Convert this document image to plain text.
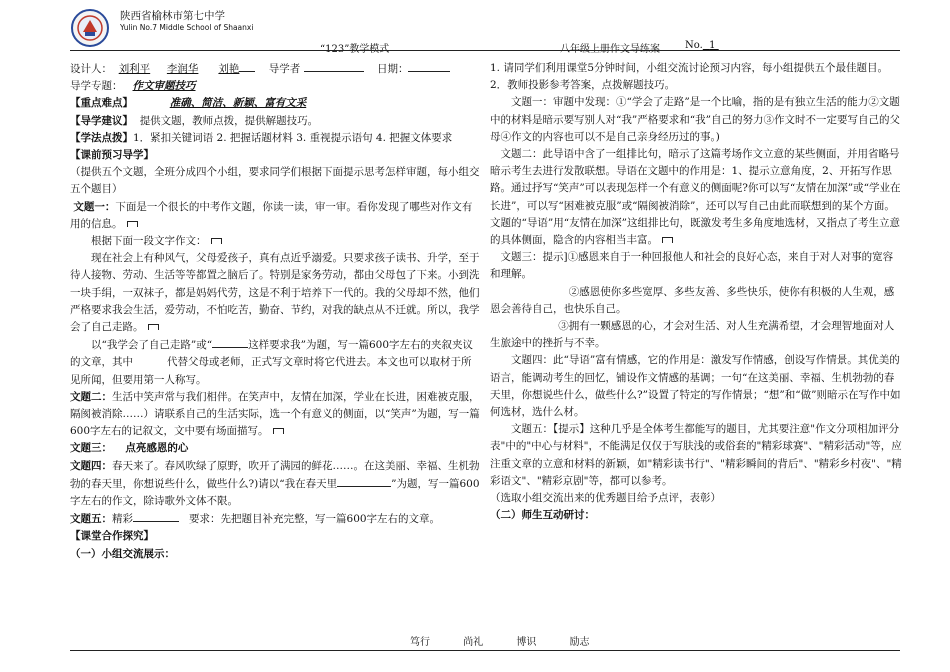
陕西省榆林市第七中学
Yulin No.7 Middle School of Shaanxi
“123”教学模式	八年级上册作文导练案	No. 1

设计人： 刘利平 李润华 刘艳	导学者	日期：

导学专题： 作文审题技巧

【重点难点】	准确、简洁、新颖、富有文采

【导学建议】 提供文题，教师点拨，提供解题技巧。

【学法点拨】1．紧扣关键词语 2. 把握话题材料 3. 重视提示语句 4. 把握文体要求

【课前预习导学】

（提供五个文题，全班分成四个小组，要求同学们根据下面提示思考怎样审题，每小组交五个题目）

文题一：下面是一个很长的中考作文题，你读一读，审一审。看你发现了哪些对作文有用的信息。

根据下面一段文字作文：

现在社会上有种风气，父母爱孩子，真有点近乎溺爱。只要求孩子读书、升学，至于待人接物、劳动、生活等等都置之脑后了。特别是家务劳动，都由父母包了下来。小到洗一块手绢，一双袜子，都是妈妈代劳，这是不利于培养下一代的。我的父母却不然，他们严格要求我会生活，爱劳动，不怕吃苦，勤奋、节约，对我的缺点从不迁就。所以，我学会了自己走路。

以“我学会了自己走路”或“	这样要求我”为题，写一篇600字左右的夹叙夹议的文章，其中	代替父母或老师，正式写文章时将它代进去。本文也可以取材于所见所闻，但要用第一人称写。

文题二：生活中笑声常与我们相伴。在笑声中，友情在加深，学业在长进，困难被克服，隔阂被消除……）请联系自己的生活实际，选一个有意义的侧面，以“笑声”为题，写一篇600字左右的记叙文，文中要有场面描写。

文题三： 点亮感恩的心

文题四：春天来了。春风吹绿了原野，吹开了满园的鲜花……。在这美丽、幸福、生机勃勃的春天里，你想说些什么，做些什么?)请以“我在春天里	”为题，写一篇600字左右的作文，除诗歌外文体不限。

文题五：精彩	要求：先把题目补充完整，写一篇600字左右的文章。

【课堂合作探究】

（一）小组交流展示：

1. 请同学们利用课堂5分钟时间，小组交流讨论预习内容，每小组提供五个最佳题目。

2．教师投影参考答案，点拨解题技巧。

文题一：审题中发现：①“学会了走路”是一个比喻，指的是有独立生活的能力②文题中的材料是暗示要写别人对“我”严格要求和“我”自己的努力③作文时不一定要写自己的父母④作文的内容也可以不是自己亲身经历过的事。)

文题二：此导语中含了一组排比句，暗示了这篇考场作文立意的某些侧面，并用省略号暗示考生去进行发散联想。导语在文题中的作用是：1、提示立意角度，2、开拓写作思路。通过抒写“笑声”可以表现怎样一个有意义的侧面呢?你可以写“友情在加深”或“学业在长进”，可以写“困难被克服”或“隔阂被消除”，还可以写自己由此而联想到的某个方面。文题的“导语”用“友情在加深”这组排比句，既激发考生多角度地选材，又指点了考生立意的具体侧面，隐含的内容相当丰富。

文题三：提示]①感恩来自于一种回报他人和社会的良好心态，来自于对人对事的宽容和理解。

②感恩使你多些宽厚、多些友善、多些快乐，使你有积极的人生观，感恩会善待自己，也快乐自己。

③拥有一颗感恩的心，才会对生活、对人生充满希望，才会理智地面对人生旅途中的挫折与不幸。

文题四：此“导语”富有情感，它的作用是：激发写作情感，创设写作情景。其优美的语言，能调动考生的回忆，铺设作文情感的基调；一句“在这美丽、幸福、生机勃勃的春天里，你想说些什么，做些什么?”设置了特定的写作情景；“想”和“做”则暗示在写作中如何选材，选什么材。

文题五：【提示】这种几乎是全体考生都能写的题目，尤其要注意"作文分项相加评分表"中的"中心与材料"，不能满足仅仅于写肤浅的或俗套的"精彩球赛"、"精彩活动"等，应注重文章的立意和材料的新颖，如"精彩读书行"、"精彩瞬间的背后"、"精彩乡村夜"、"精彩语文"、"精彩京剧"等，都可以参考。

（选取小组交流出来的优秀题目给予点评，表彰）

（二）师生互动研讨：

笃行	尚礼	博识	励志
